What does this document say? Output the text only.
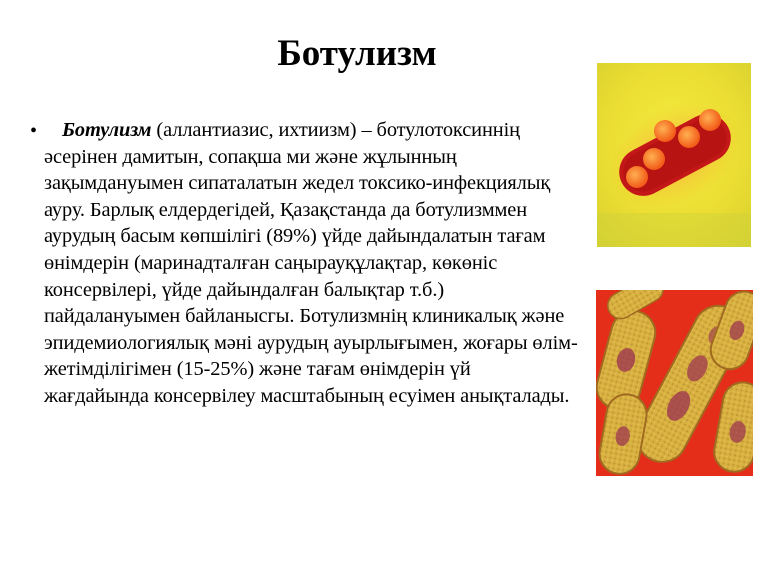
Ботулизм
•	Ботулизм (аллантиазис, ихтиизм) – ботулотоксиннің әсерінен дамитын, сопақша ми және жұлынның зақымдануымен сипаталатын жедел токсико-инфекциялық ауру. Барлық елдердегідей, Қазақстанда да ботулизммен аурудың басым көпшілігі (89%) үйде дайындалатын тағам өнімдерін (маринадталған саңырауқұлақтар, көкөніс консервілері, үйде дайындалған балықтар т.б.) пайдалануымен байланысгы. Ботулизмнің клиникалық және эпидемиологиялық мәні аурудың ауырлығымен, жоғары өлім-жетімділігімен (15-25%) және тағам өнімдерін үй жағдайында консервілеу масштабының есуімен анықталады.
